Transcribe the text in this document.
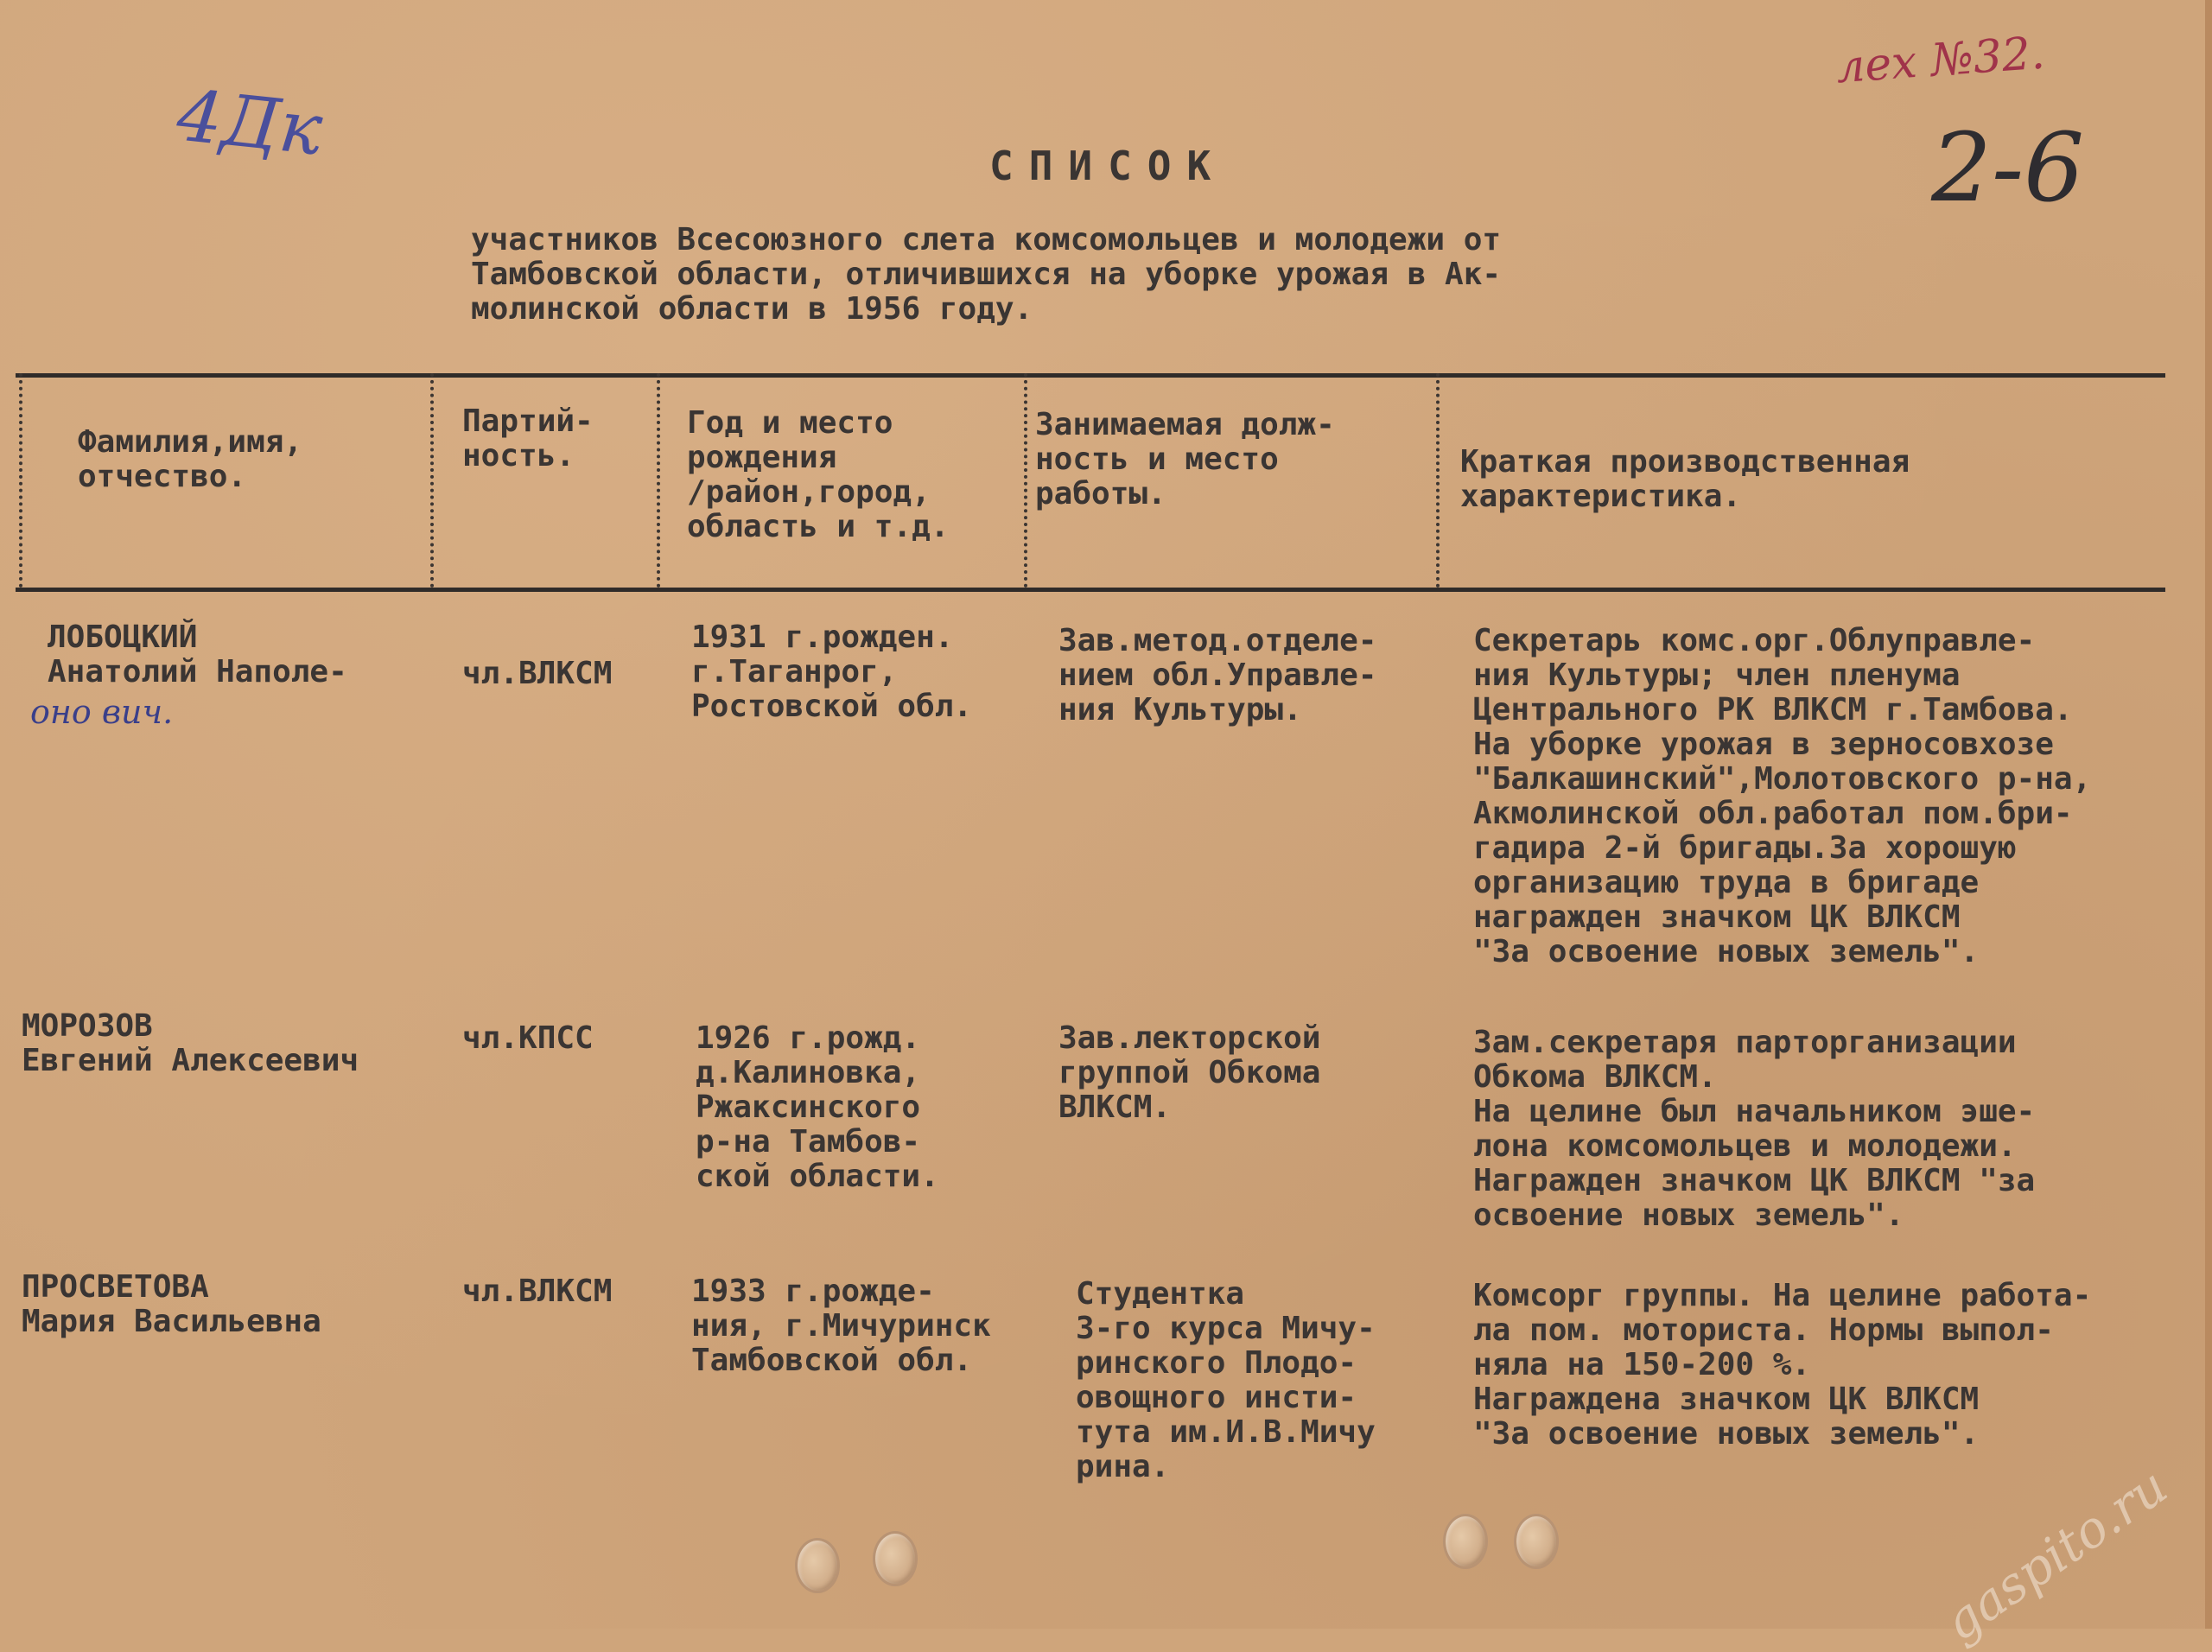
4Дк
лех №32.
2-6
СПИСОК
участников Всесоюзного слета комсомольцев и молодежи от
Тамбовской области, отличившихся на уборке урожая в Ак-
молинской области в 1956 году.
Фамилия,имя,
отчество.
Партий-
ность.
Год и место
рождения
/район,город,
область и т.д.
Занимаемая долж-
ность и место
работы.
Краткая производственная
характеристика.
ЛОБОЦКИЙ
Анатолий Наполе-

оно вич.
чл.ВЛКСМ
1931 г.рожден.
г.Таганрог,
Ростовской обл.
Зав.метод.отделе-
нием обл.Управле-
ния Культуры.
Секретарь комс.орг.Облуправле-
ния Культуры; член пленума
Центрального РК ВЛКСМ г.Тамбова.
На уборке урожая в зерносовхозе
"Балкашинский",Молотовского р-на,
Акмолинской обл.работал пом.бри-
гадира 2-й бригады.За хорошую
организацию труда в бригаде
награжден значком ЦК ВЛКСМ
"За освоение новых земель".
МОРОЗОВ
Евгений Алексеевич
чл.КПСС	1926 г.рожд.
д.Калиновка,
Ржаксинского
р-на Тамбов-
ской области.
Зав.лекторской
группой Обкома
ВЛКСМ.
Зам.секретаря парторганизации
Обкома ВЛКСМ.
На целине был начальником эше-
лона комсомольцев и молодежи.
Награжден значком ЦК ВЛКСМ "за
освоение новых земель".
ПРОСВЕТОВА
Мария Васильевна
чл.ВЛКСМ	1933 г.рожде-
ния, г.Мичуринск
Тамбовской обл.
Студентка
3-го курса Мичу-
ринского Плодо-
овощного инсти-
тута им.И.В.Мичу
рина.
Комсорг группы. На целине работа-
ла пом. моториста. Нормы выпол-
няла на 150-200 %.
Награждена значком ЦК ВЛКСМ
"За освоение новых земель".
gaspito.ru
